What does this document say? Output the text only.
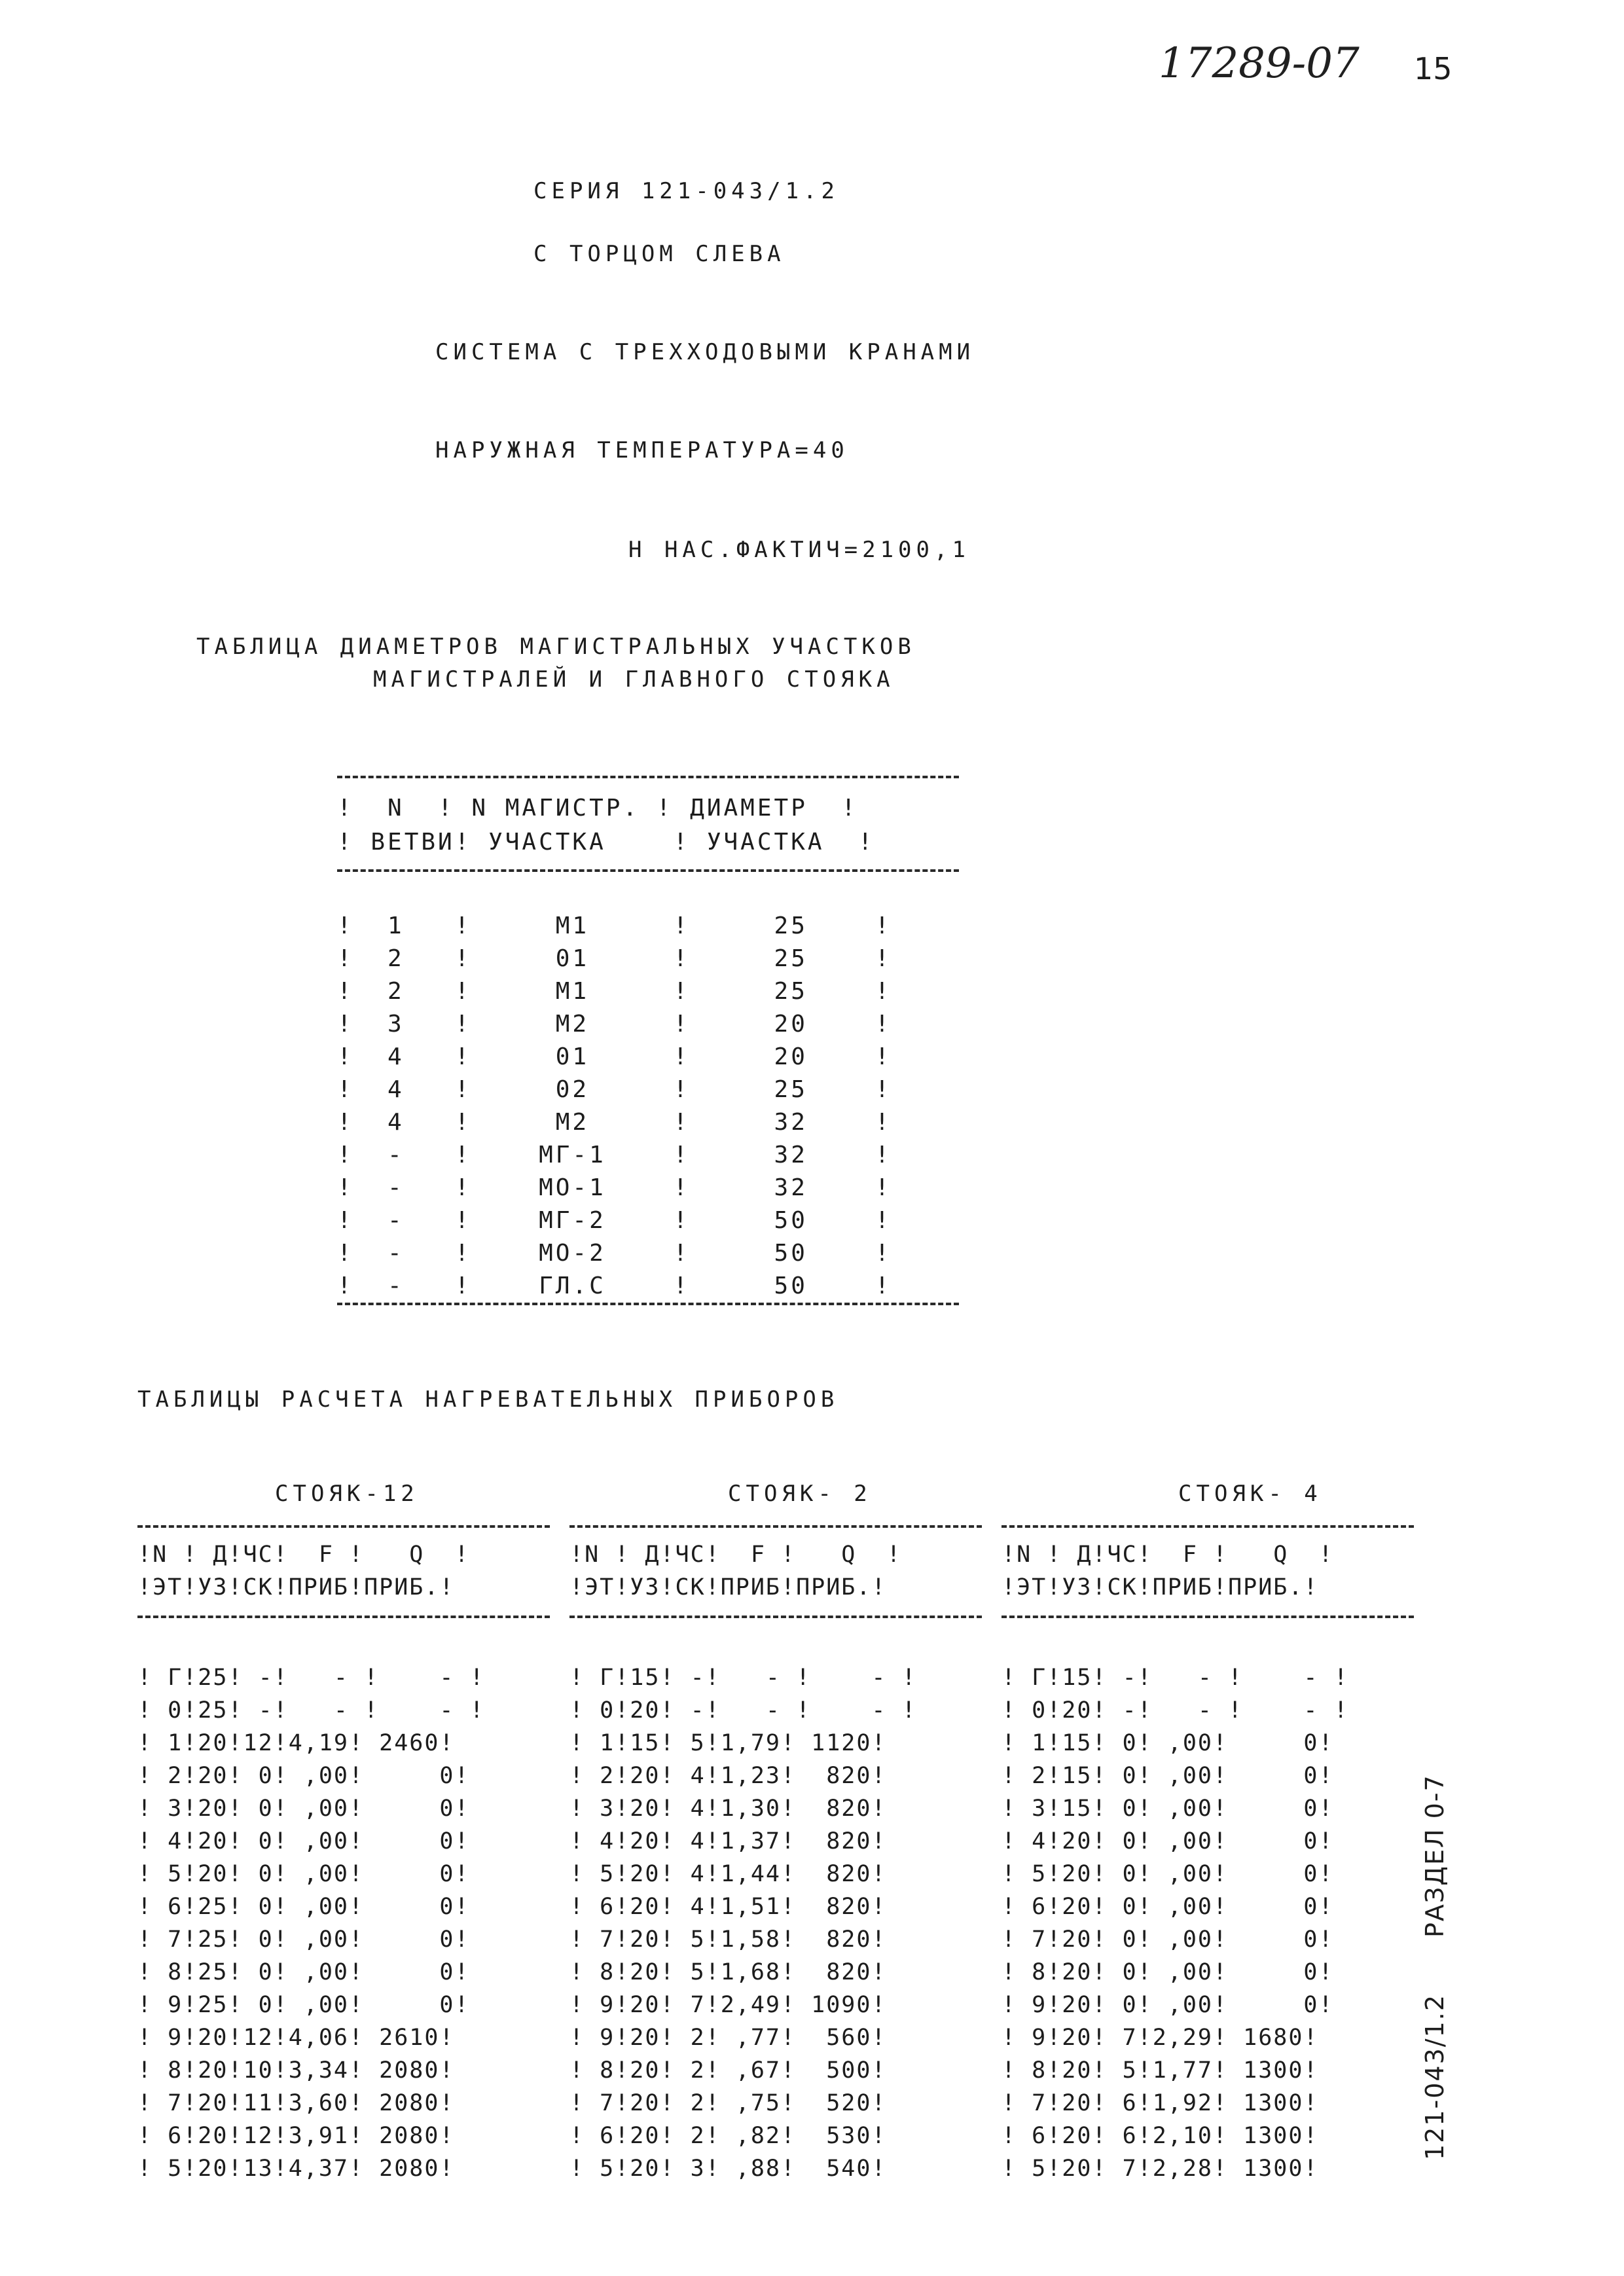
17289-07 15
СЕРИЯ 121-043/1.2
С ТОРЦОМ СЛЕВА
СИСТЕМА С ТРЕХХОДОВЫМИ КРАНАМИ
НАРУЖНАЯ ТЕМПЕРАТУРА=40
Н НАС.ФАКТИЧ=2100,1
ТАБЛИЦА ДИАМЕТРОВ МАГИСТРАЛЬНЫХ УЧАСТКОВ
МАГИСТРАЛЕЙ И ГЛАВНОГО СТОЯКА
!  N  ! N МАГИСТР. ! ДИАМЕТР  !
! ВЕТВИ! УЧАСТКА    ! УЧАСТКА  !

!  1   !     М1     !     25    !
!  2   !     01     !     25    !
!  2   !     М1     !     25    !
!  3   !     М2     !     20    !
!  4   !     01     !     20    !
!  4   !     02     !     25    !
!  4   !     М2     !     32    !
!  -   !    МГ-1    !     32    !
!  -   !    МО-1    !     32    !
!  -   !    МГ-2    !     50    !
!  -   !    МО-2    !     50    !
!  -   !    ГЛ.С    !     50    !

ТАБЛИЦЫ РАСЧЕТА НАГРЕВАТЕЛЬНЫХ ПРИБОРОВ
СТОЯК-12
!N ! Д!ЧС!  F !   Q  !
!ЭТ!УЗ!СК!ПРИБ!ПРИБ.!

! Г!25! -!   - !    - !
! 0!25! -!   - !    - !
! 1!20!12!4,19! 2460!
! 2!20! 0! ,00!     0!
! 3!20! 0! ,00!     0!
! 4!20! 0! ,00!     0!
! 5!20! 0! ,00!     0!
! 6!25! 0! ,00!     0!
! 7!25! 0! ,00!     0!
! 8!25! 0! ,00!     0!
! 9!25! 0! ,00!     0!
! 9!20!12!4,06! 2610!
! 8!20!10!3,34! 2080!
! 7!20!11!3,60! 2080!
! 6!20!12!3,91! 2080!
! 5!20!13!4,37! 2080!

СТОЯК- 2
!N ! Д!ЧС!  F !   Q  !
!ЭТ!УЗ!СК!ПРИБ!ПРИБ.!

! Г!15! -!   - !    - !
! 0!20! -!   - !    - !
! 1!15! 5!1,79! 1120!
! 2!20! 4!1,23!  820!
! 3!20! 4!1,30!  820!
! 4!20! 4!1,37!  820!
! 5!20! 4!1,44!  820!
! 6!20! 4!1,51!  820!
! 7!20! 5!1,58!  820!
! 8!20! 5!1,68!  820!
! 9!20! 7!2,49! 1090!
! 9!20! 2! ,77!  560!
! 8!20! 2! ,67!  500!
! 7!20! 2! ,75!  520!
! 6!20! 2! ,82!  530!
! 5!20! 3! ,88!  540!

СТОЯК- 4
!N ! Д!ЧС!  F !   Q  !
!ЭТ!УЗ!СК!ПРИБ!ПРИБ.!

! Г!15! -!   - !    - !
! 0!20! -!   - !    - !
! 1!15! 0! ,00!     0!
! 2!15! 0! ,00!     0!
! 3!15! 0! ,00!     0!
! 4!20! 0! ,00!     0!
! 5!20! 0! ,00!     0!
! 6!20! 0! ,00!     0!
! 7!20! 0! ,00!     0!
! 8!20! 0! ,00!     0!
! 9!20! 0! ,00!     0!
! 9!20! 7!2,29! 1680!
! 8!20! 5!1,77! 1300!
! 7!20! 6!1,92! 1300!
! 6!20! 6!2,10! 1300!
! 5!20! 7!2,28! 1300!

РАЗДЕЛ 0-7
121-043/1.2
